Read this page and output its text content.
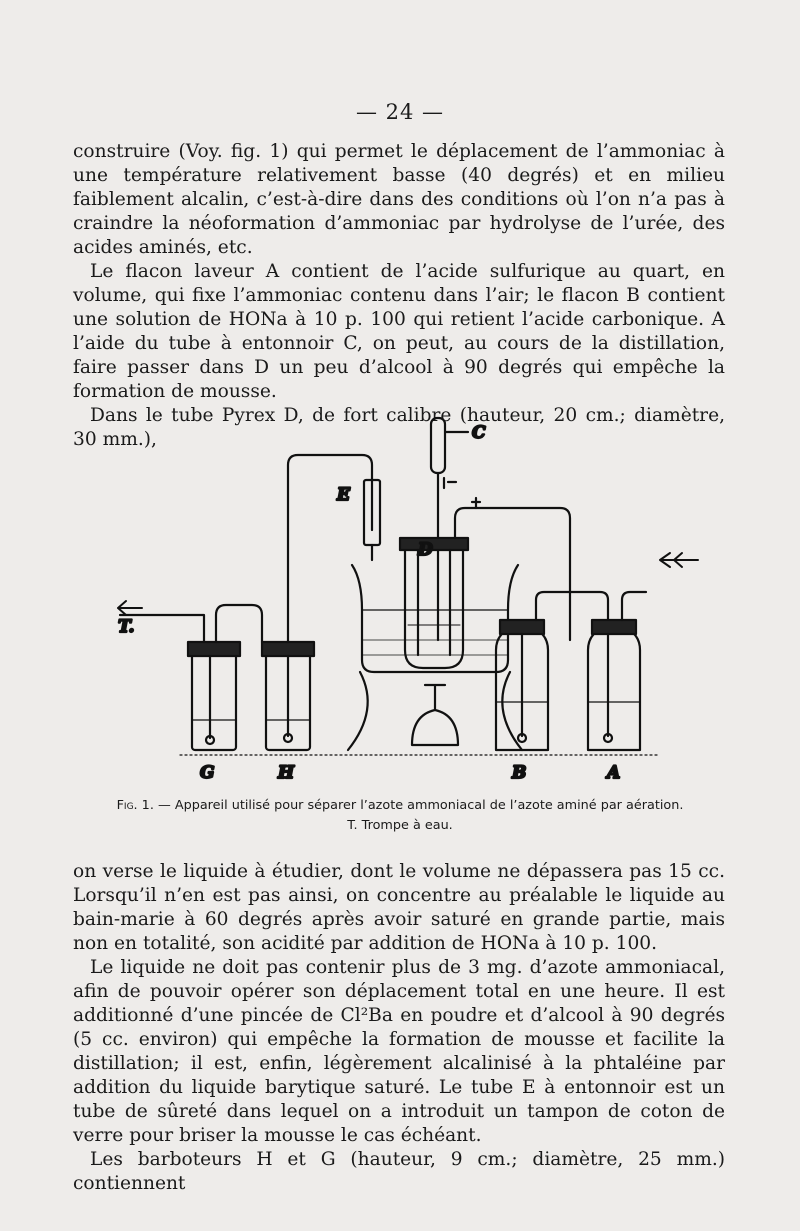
— 24 —

construire (Voy. fig. 1) qui permet le déplacement de l’ammoniac à une température relativement basse (40 degrés) et en milieu faiblement alcalin, c’est-à-dire dans des conditions où l’on n’a pas à craindre la néoformation d’ammoniac par hydrolyse de l’urée, des acides aminés, etc.

Le flacon laveur A contient de l’acide sulfurique au quart, en volume, qui fixe l’ammoniac contenu dans l’air; le flacon B contient une solution de HONa à 10 p. 100 qui retient l’acide carbonique. A l’aide du tube à entonnoir C, on peut, au cours de la distillation, faire passer dans D un peu d’alcool à 90 degrés qui empêche la formation de mousse.

Dans le tube Pyrex D, de fort calibre (hauteur, 20 cm.; diamètre, 30 mm.),

T.
G	H
E
C
D
B	A
Fig. 1. — Appareil utilisé pour séparer l’azote ammoniacal de l’azote aminé par aération.
T. Trompe à eau.

on verse le liquide à étudier, dont le volume ne dépassera pas 15 cc. Lorsqu’il n’en est pas ainsi, on concentre au préalable le liquide au bain-marie à 60 degrés après avoir saturé en grande partie, mais non en totalité, son acidité par addition de HONa à 10 p. 100.

Le liquide ne doit pas contenir plus de 3 mg. d’azote ammoniacal, afin de pouvoir opérer son déplacement total en une heure. Il est additionné d’une pincée de Cl²Ba en poudre et d’alcool à 90 degrés (5 cc. environ) qui empêche la formation de mousse et facilite la distillation; il est, enfin, légèrement alcalinisé à la phtaléine par addition du liquide barytique saturé. Le tube E à entonnoir est un tube de sûreté dans lequel on a introduit un tampon de coton de verre pour briser la mousse le cas échéant.

Les barboteurs H et G (hauteur, 9 cm.; diamètre, 25 mm.) contiennent
